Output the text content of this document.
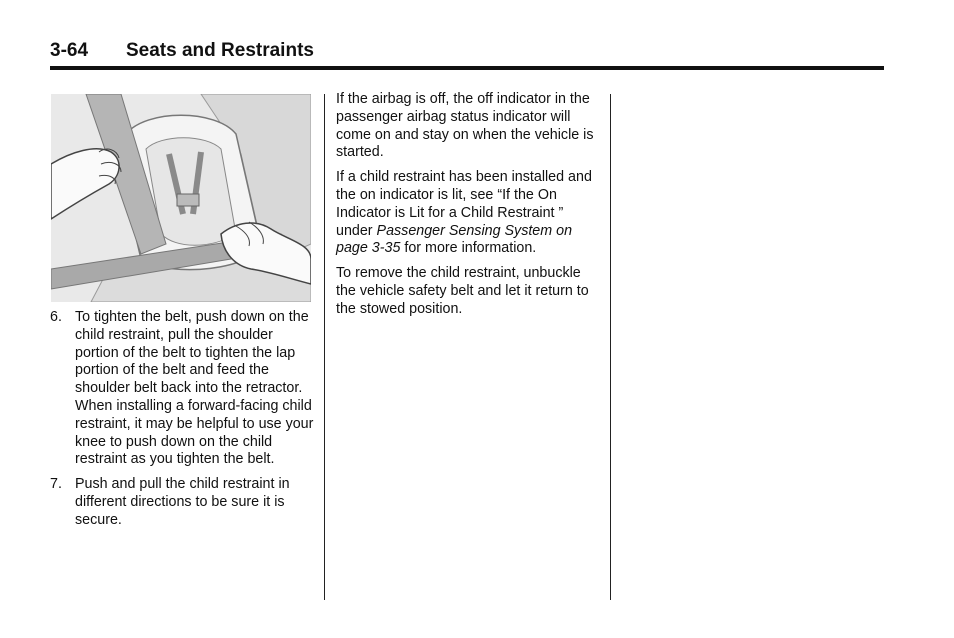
3-64 Seats and Restraints
6. To tighten the belt, push down on the child restraint, pull the shoulder portion of the belt to tighten the lap portion of the belt and feed the shoulder belt back into the retractor. When installing a forward-facing child restraint, it may be helpful to use your knee to push down on the child restraint as you tighten the belt.
7. Push and pull the child restraint in different directions to be sure it is secure.

If the airbag is off, the off indicator in the passenger airbag status indicator will come on and stay on when the vehicle is started.

If a child restraint has been installed and the on indicator is lit, see “If the On Indicator is Lit for a Child Restraint ” under Passenger Sensing System on page 3‑35 for more information.

To remove the child restraint, unbuckle the vehicle safety belt and let it return to the stowed position.
